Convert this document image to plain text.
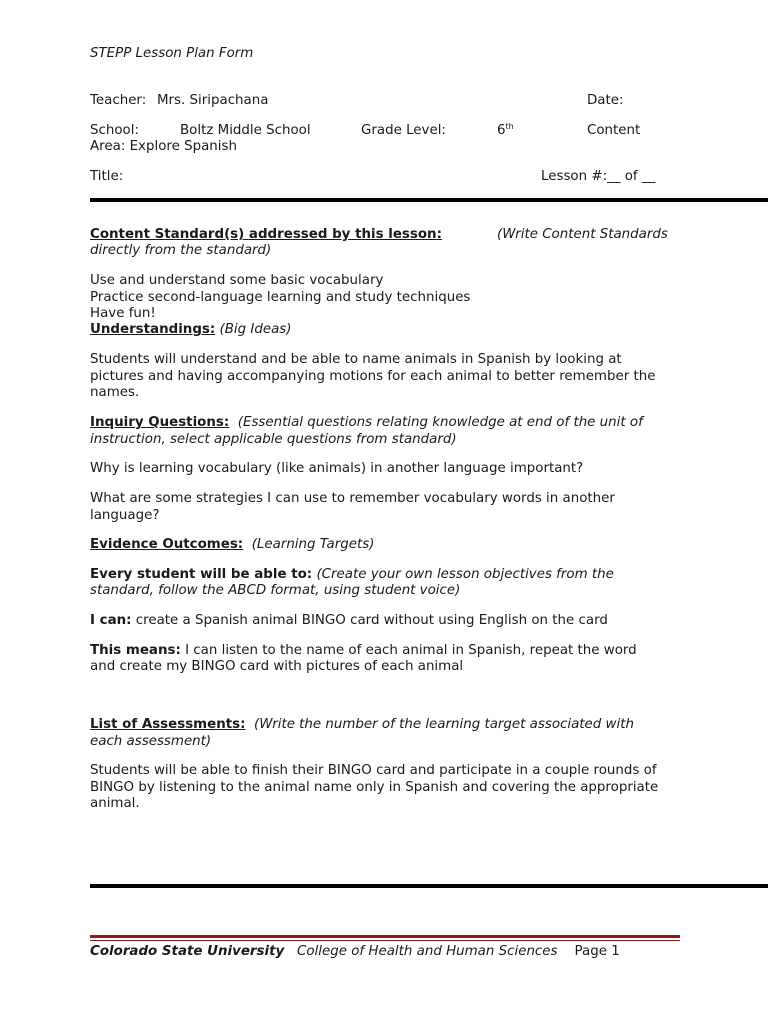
STEPP Lesson Plan Form
Teacher: Mrs. Siripachana	Date:
School:	Boltz Middle School	Grade Level:	6th	Content
Area: Explore Spanish
Title:	Lesson #:__ of __
Content Standard(s) addressed by this lesson:	(Write Content Standards
directly from the standard)
Use and understand some basic vocabulary
Practice second-language learning and study techniques
Have fun!
Understandings: (Big Ideas)
Students will understand and be able to name animals in Spanish by looking at
pictures and having accompanying motions for each animal to better remember the
names.
Inquiry Questions: (Essential questions relating knowledge at end of the unit of
instruction, select applicable questions from standard)
Why is learning vocabulary (like animals) in another language important?
What are some strategies I can use to remember vocabulary words in another
language?
Evidence Outcomes: (Learning Targets)
Every student will be able to: (Create your own lesson objectives from the
standard, follow the ABCD format, using student voice)
I can: create a Spanish animal BINGO card without using English on the card
This means: I can listen to the name of each animal in Spanish, repeat the word
and create my BINGO card with pictures of each animal
List of Assessments: (Write the number of the learning target associated with
each assessment)
Students will be able to finish their BINGO card and participate in a couple rounds of
BINGO by listening to the animal name only in Spanish and covering the appropriate
animal.
Colorado State University College of Health and Human Sciences Page 1
